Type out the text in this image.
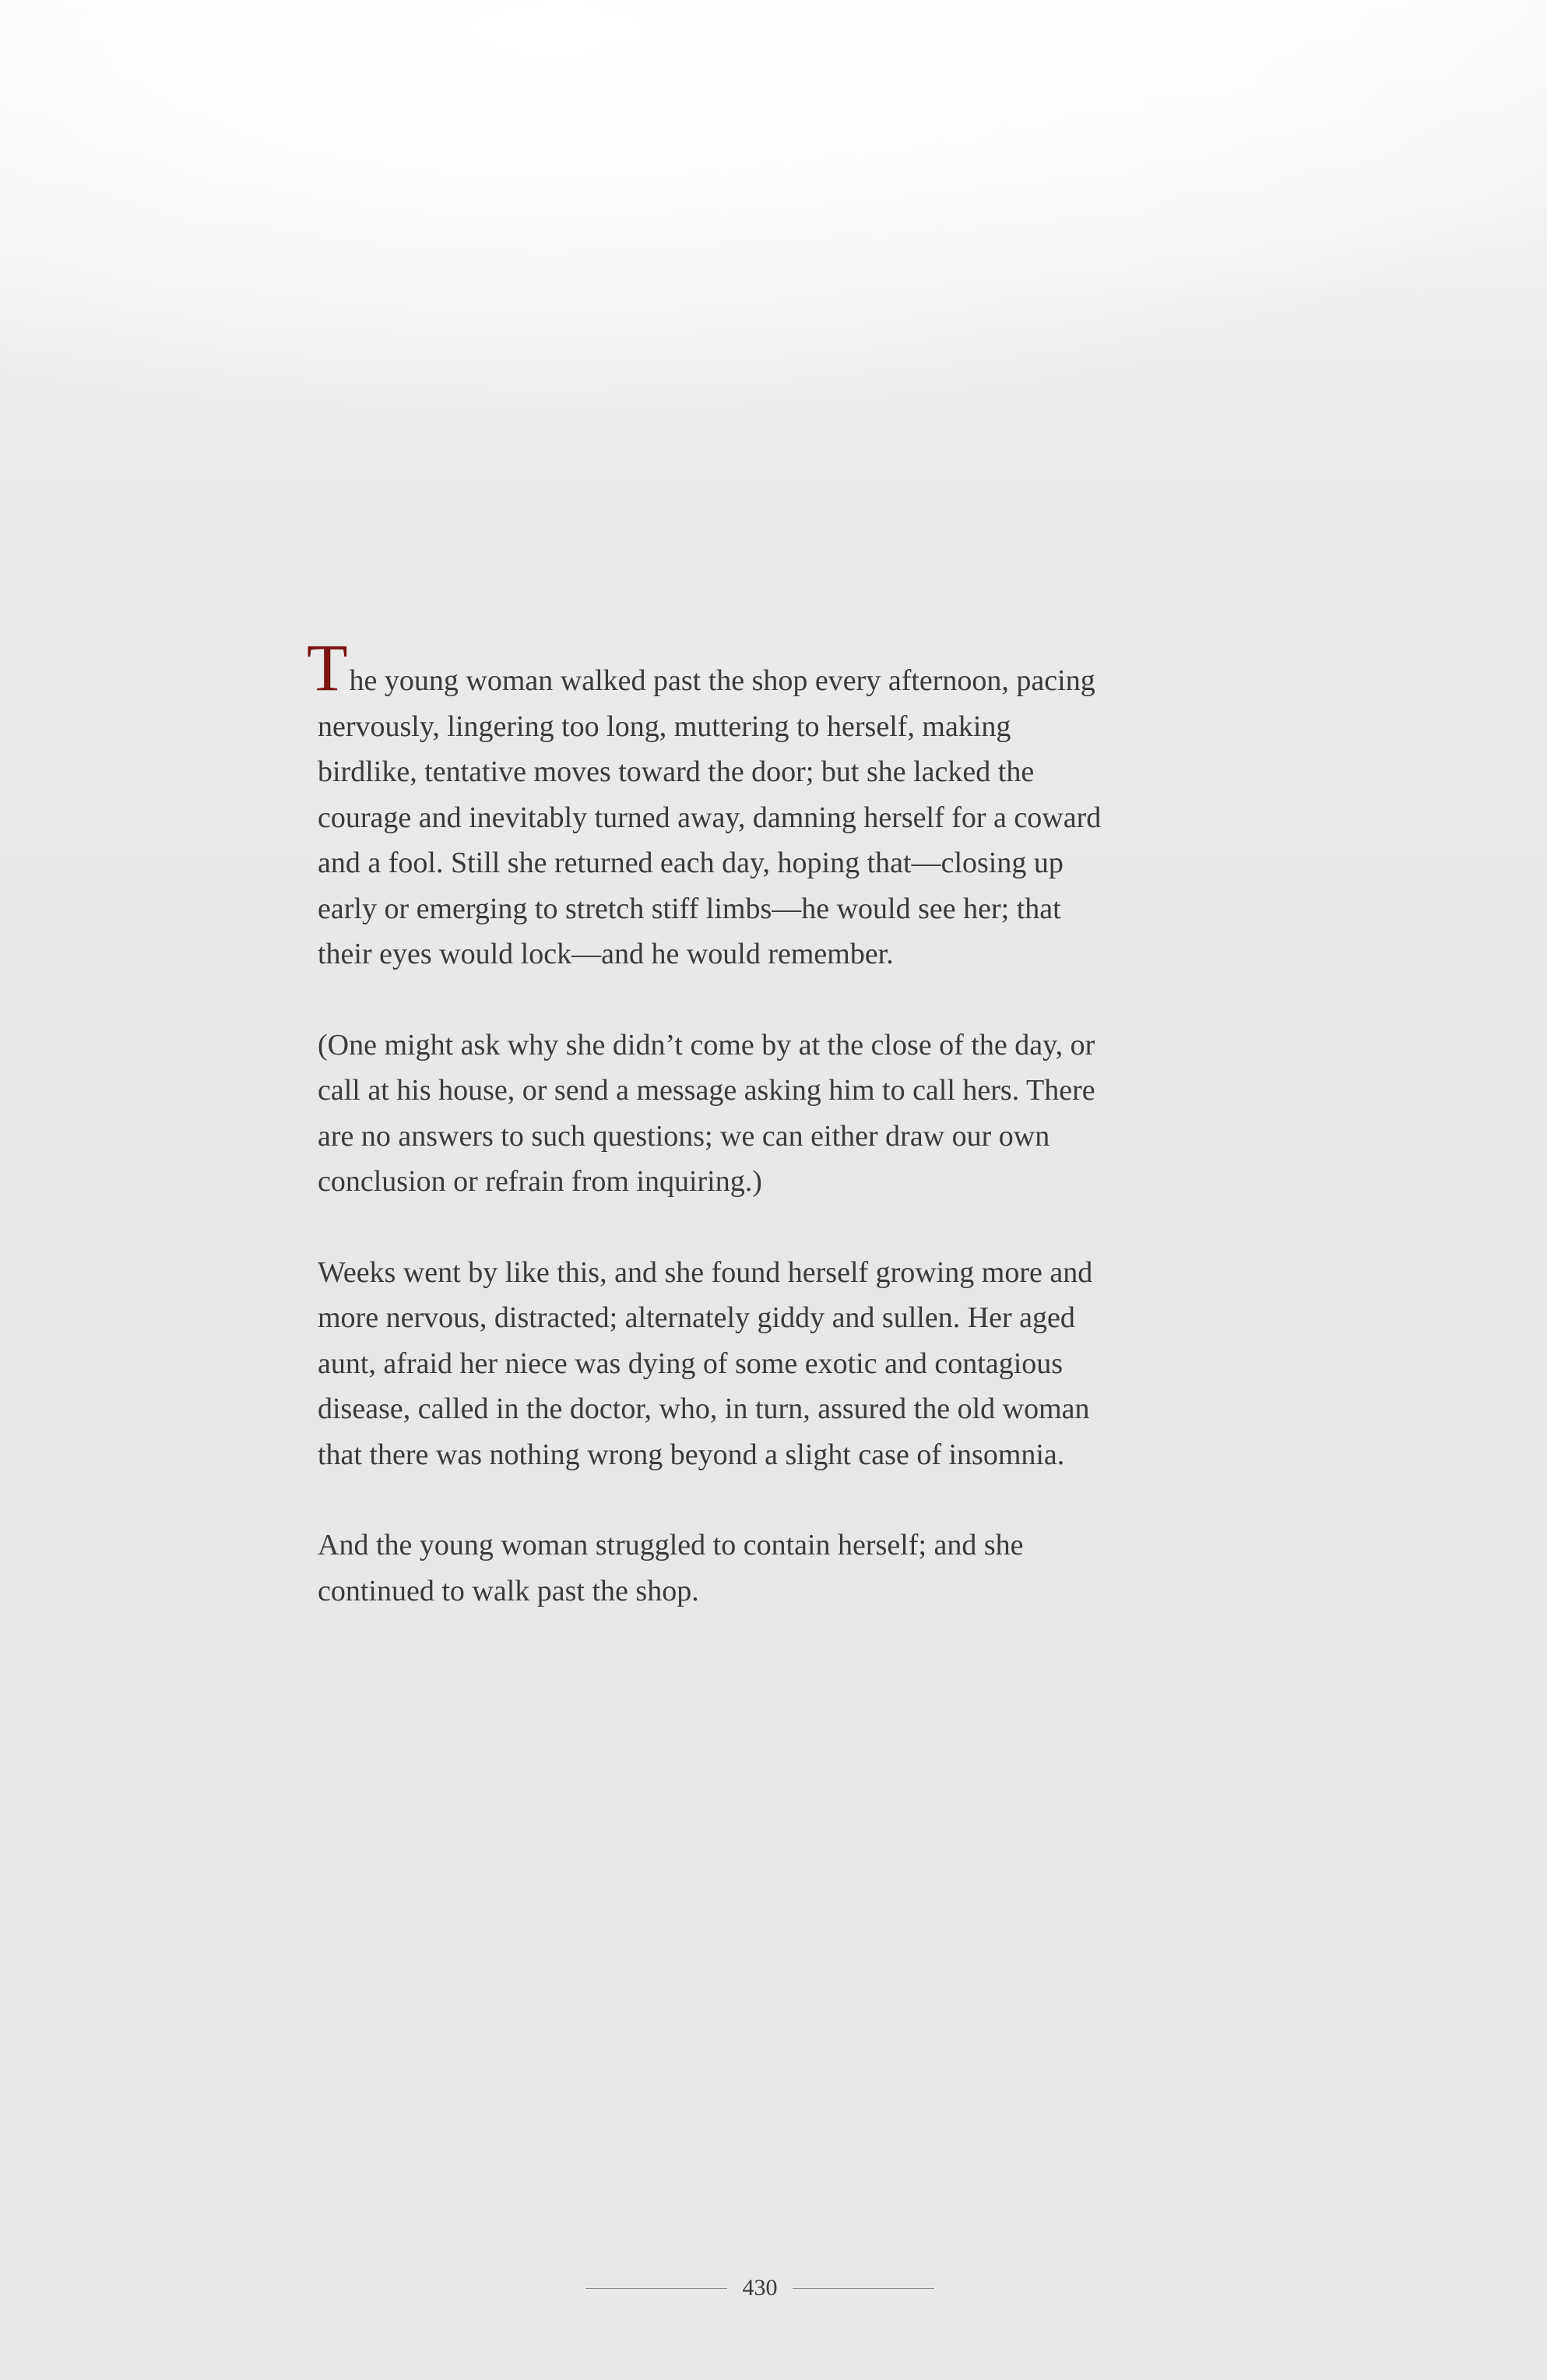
The young woman walked past the shop every afternoon, pacing
nervously, lingering too long, muttering to herself, making
birdlike, tentative moves toward the door; but she lacked the
courage and inevitably turned away, damning herself for a coward
and a fool. Still she returned each day, hoping that—closing up
early or emerging to stretch stiff limbs—he would see her; that
their eyes would lock—and he would remember.

(One might ask why she didn’t come by at the close of the day, or
call at his house, or send a message asking him to call hers. There
are no answers to such questions; we can either draw our own
conclusion or refrain from inquiring.)

Weeks went by like this, and she found herself growing more and
more nervous, distracted; alternately giddy and sullen. Her aged
aunt, afraid her niece was dying of some exotic and contagious
disease, called in the doctor, who, in turn, assured the old woman
that there was nothing wrong beyond a slight case of insomnia.

And the young woman struggled to contain herself; and she
continued to walk past the shop.

430
